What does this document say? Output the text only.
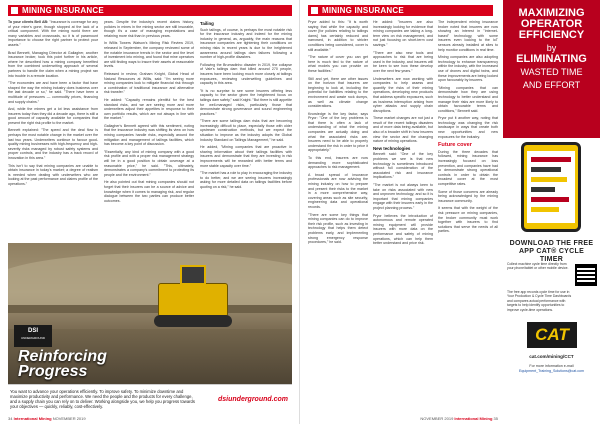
MINING INSURANCE

To your clients Bell AB: "Insurance is coverage for any of your mine's gone, though stopped at the lack of a critical component. With the mining world there are many variables and crossroads, so it is of paramount importance to choose the right partner to protect your assets."

Brad Bennett, Managing Director at Gallagher, another insurance broker, took this point further in his article, where he described how a mining company benefited from the combined underwriting approach of several partners to handle the claim when a mining project ran into trouble in a remote location.

"The economies are and have been a factor that have shaped the way the mining industry does business over the last decade or so," he said. "There have been a multitude of pressures — commodity prices, financing and supply chains."

And, while the miners get a lot less assistance from insurers today than they did a decade ago, there is still a good amount of capacity available for companies that present the right risk profile to the market.

Bennett explained: "The speed and the deal flow is perhaps the most notable change in the market over the last two years. Underwriters continue to favour good-quality mining businesses with high-frequency and high-severity risks managed by robust safety systems and proper controls, and the industry has a track record of innovation in this area."

This isn't to say that mining companies are unable to obtain insurance in today's market; a degree of realism is needed when dealing with underwriters who are looking at the past performance and claims profile of the operations."

years. Despite the industry's recent claims history, policies in mines in the mining sector are still insurable, though it's a case of managing expectations and retaining more risk than in previous years.

In Willis Towers Watson's Mining Risk Review 2019, released in September, the company reviewed some of the notable insurance trends in the sector and the level of investment into mining, and found that mine operators are still finding ways to insure their assets at reasonable levels.

Released in review, Graham Knight, Global Head of Natural Resources at Willis, said: "I'm seeing more mining companies look to mitigate financial risk through a combination of traditional insurance and alternative risk transfer."

He added: "Capacity remains plentiful for the best standard risks, and we are seeing more and more underwriters adjust their appetites in response to their own portfolio results, which are not always in line with the market."

Gallagher's Bennett agreed with this sentiment, noting that the insurance industry was shifting its view on how mining companies handle risks, especially around the mitigation and management of tailings facilities, which has become a key point of discussion.

"Essentially, any kind of mining company with a good risk profile and with a proper risk management strategy will be in a good position to obtain coverage at a reasonable price," he said. "This, ultimately, demonstrates a company's commitment to protecting its people and the environment."

He also pointed out that mining companies should not forget that their insurers can be a source of advice and knowledge when it comes to managing risk, and regular dialogue between the two parties can produce better outcomes.

Tailing

Such tailings, of course, is perhaps the most notable risk for the insurance industry and indeed for the mining industry in general, as, arguably, the main reasons that insurance companies are tightening their conditions on mining risks in recent years is due to the heightened awareness around tailings dam failures following a number of high-profile disasters.

Following the Brumadinho disaster in 2019, the collapse of Vale's tailings dam that killed around 270 people, insurers have been looking much more closely at tailings exposures, reviewing underwriting guidelines and capacity in this area.

"It is no surprise to see some insurers offering less capacity to the sector given the heightened focus on tailings dam safety," said Knight. "But there is still appetite for well-managed risks, particularly those that demonstrate strong governance and sound engineering practices."

"There are some tailings dam risks that are becoming increasingly difficult to place, especially those with older upstream construction methods, but we expect the situation to improve as the industry adopts the Global Industry Standard on Tailings Management," he said.

He added, "Mining companies that are proactive in sharing information about their tailings facilities with insurers and demonstrate that they are investing in risk improvements will be rewarded with better terms and more stable capacity over time."

"The market has a role to play in encouraging the industry to do better, and we are seeing insurers increasingly asking for more detailed data on tailings facilities before quoting on a risk," he said.

DSI
UNDERGROUND
Reinforcing
Progress
You want to advance your operations efficiently. To improve safety. To minimize downtime and maximize productivity and performance. We need the people and the products for every challenge, and a supply chain you can rely on to deliver. Working alongside you, we help you progress towards your objectives — quickly, reliably, cost-effectively.
dsiunderground.com
34 International Mining NOVEMBER 2019
MINING INSURANCE

Pryor added to this: "It is worth saying that while the capacity and cover [for policies relating to tailings dams] has certainly reduced and narrowed, in addition to stricter conditions being considered, cover is still available."

"The nature of cover you can get here is much tied to the nature of what models you can provide on these facilities."

Still and yet, there are other issues on the horizon that insurers are beginning to look at, including the potential for liabilities relating to the environment and waste rock dumps, as well as climate change considerations.

Knowledge is the key factor, says Pryor: "One of the key problems is that there is often a lack of understanding of what the mining companies are actually doing and what the associated risks are. Insurers need to be able to properly understand the risk in order to price it appropriately."

To this end, insurers are now demanding more sophisticated approaches to risk management.

A broad spread of insurance professionals are now advising the mining industry on how to prepare and present their risks to the market in a more comprehensive way, covering areas such as site security, engineering data and operational records.

"There are some key things that mining companies can do to improve their risk profile, such as investing in technology that helps them detect problems early, and implementing strong emergency response procedures," he said.

He added: "Insurers are also increasingly looking for evidence that mining companies are taking a long-term view on risk management, and not just focusing on short-term cost savings."

"There are also new tools and approaches to risk that are being used in the industry, and insurers will be keen to see how these develop over the next few years."

Underwriters are now working with companies to help assess and quantify the risks of their mining operations, developing new products that address specific exposures, such as business interruption arising from cyber attacks and supply chain disruptions.

These market changes are not just a result of the recent tailings disasters and of more data being available, but also of a broader shift in how insurers view the sector and the changing nature of mining operations.

New technologies

Bennett said: "One of the key problems we see is that new technology is sometimes introduced without full consideration of the associated risk and insurance implications."

"The market is not always keen to take on risks associated with new and unproven technology, and so it is important that mining companies engage with their insurers early in the project planning process."

Pryor believes the introduction of autonomous and remote operated mining equipment will provide insurers with more data on the performance and safety of mining operations, which can help them better understand and price risk.

The independent mining insurance broker noted that insurers are now showing an interest in "internet-based" technology, with some insurers even looking to the IoT sensors already installed at sites to help monitor conditions in real time.

Mining companies are also adopting technology to enhance transparency within the industry, with the increased use of drones and digital twins, and these improvements are being looked upon favourably by insurers.

"Mining companies that can demonstrate how they are using technology to better understand and manage their risks are more likely to obtain favourable terms and conditions," Bennett said.

Pryor put it another way, noting that technology was changing the risk landscape in ways that create both new opportunities and new exposures for the industry.

Future cover

During the three decades that followed, mining insurance has increasingly focused on loss prevention, and companies have had to demonstrate strong operational controls in order to obtain the broadest cover at the most competitive rates.

Some of those concerns are already being acknowledged by the mining insurance community.

It seems that with the weight of the risk pressure on mining companies, the broker community must work together with insurers to find solutions that serve the needs of all parties.

NOVEMBER 2019 International Mining 35
MAXIMIZING
OPERATOR
EFFICIENCY
by
ELIMINATING
WASTED TIME
AND EFFORT
DOWNLOAD THE FREE APP CAT® CYCLE TIMER
Collect machine cycle time directly from your phone/tablet or other mobile device.
The free app records cycle time for use in Your Production & Cycle Time Dashboards and compares actual performance with targets to help identify opportunities to improve cycle-time operations.
CAT
cat.com/mining/CCT
For more information e-mail
Equipment_Training_Solutions@cat.com
